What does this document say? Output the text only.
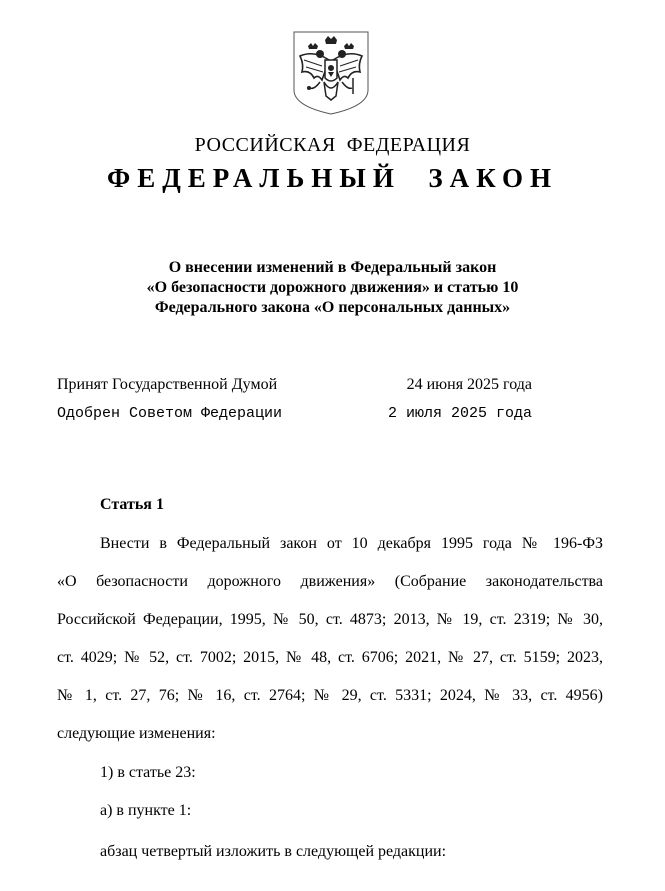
РОССИЙСКАЯ  ФЕДЕРАЦИЯ
ФЕДЕРАЛЬНЫЙ  ЗАКОН
О внесении изменений в Федеральный закон
«О безопасности дорожного движения» и статью 10
Федерального закона «О персональных данных»
Принят Государственной Думой	24 июня 2025 года
Одобрен Советом Федерации	2 июля 2025 года
Статья 1
Внести в Федеральный закон от 10 декабря 1995 года № 196-ФЗ
«О безопасности дорожного движения» (Собрание законодательства
Российской Федерации, 1995, № 50, ст. 4873; 2013, № 19, ст. 2319; № 30,
ст. 4029; № 52, ст. 7002; 2015, № 48, ст. 6706; 2021, № 27, ст. 5159; 2023,
№ 1, ст. 27, 76; № 16, ст. 2764; № 29, ст. 5331; 2024, № 33, ст. 4956)
следующие изменения:
1) в статье 23:
а) в пункте 1:
абзац четвертый изложить в следующей редакции:
